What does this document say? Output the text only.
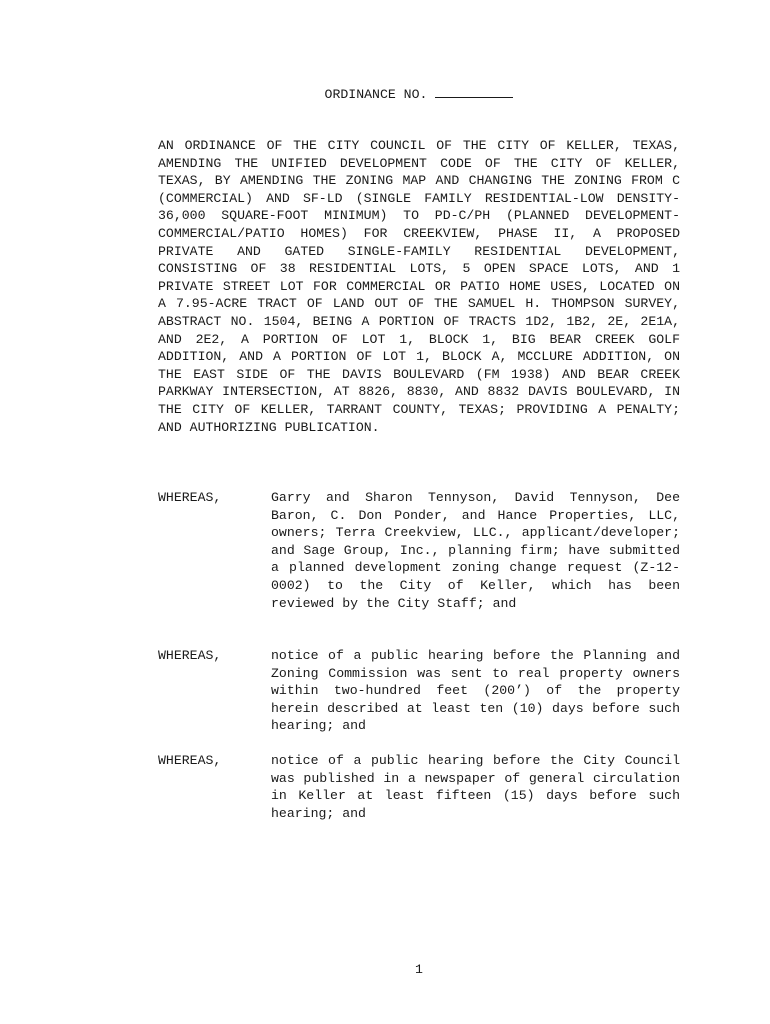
ORDINANCE NO.
AN ORDINANCE OF THE CITY COUNCIL OF THE CITY OF KELLER, TEXAS, AMENDING THE UNIFIED DEVELOPMENT CODE OF THE CITY OF KELLER, TEXAS, BY AMENDING THE ZONING MAP AND CHANGING THE ZONING FROM C (COMMERCIAL) AND SF-LD (SINGLE FAMILY RESIDENTIAL-LOW DENSITY-36,000 SQUARE-FOOT MINIMUM) TO PD-C/PH (PLANNED DEVELOPMENT-COMMERCIAL/PATIO HOMES) FOR CREEKVIEW, PHASE II, A PROPOSED PRIVATE AND GATED SINGLE-FAMILY RESIDENTIAL DEVELOPMENT, CONSISTING OF 38 RESIDENTIAL LOTS, 5 OPEN SPACE LOTS, AND 1 PRIVATE STREET LOT FOR COMMERCIAL OR PATIO HOME USES, LOCATED ON A 7.95-ACRE TRACT OF LAND OUT OF THE SAMUEL H. THOMPSON SURVEY, ABSTRACT NO. 1504, BEING A PORTION OF TRACTS 1D2, 1B2, 2E, 2E1A, AND 2E2, A PORTION OF LOT 1, BLOCK 1, BIG BEAR CREEK GOLF ADDITION, AND A PORTION OF LOT 1, BLOCK A, MCCLURE ADDITION, ON THE EAST SIDE OF THE DAVIS BOULEVARD (FM 1938) AND BEAR CREEK PARKWAY INTERSECTION, AT 8826, 8830, AND 8832 DAVIS BOULEVARD, IN THE CITY OF KELLER, TARRANT COUNTY, TEXAS; PROVIDING A PENALTY; AND AUTHORIZING PUBLICATION.
WHEREAS,	Garry and Sharon Tennyson, David Tennyson, Dee Baron, C. Don Ponder, and Hance Properties, LLC, owners; Terra Creekview, LLC., applicant/developer; and Sage Group, Inc., planning firm; have submitted a planned development zoning change request (Z-12-0002) to the City of Keller, which has been reviewed by the City Staff; and
WHEREAS,	notice of a public hearing before the Planning and Zoning Commission was sent to real property owners within two-hundred feet (200’) of the property herein described at least ten (10) days before such hearing; and
WHEREAS,	notice of a public hearing before the City Council was published in a newspaper of general circulation in Keller at least fifteen (15) days before such hearing; and
1
